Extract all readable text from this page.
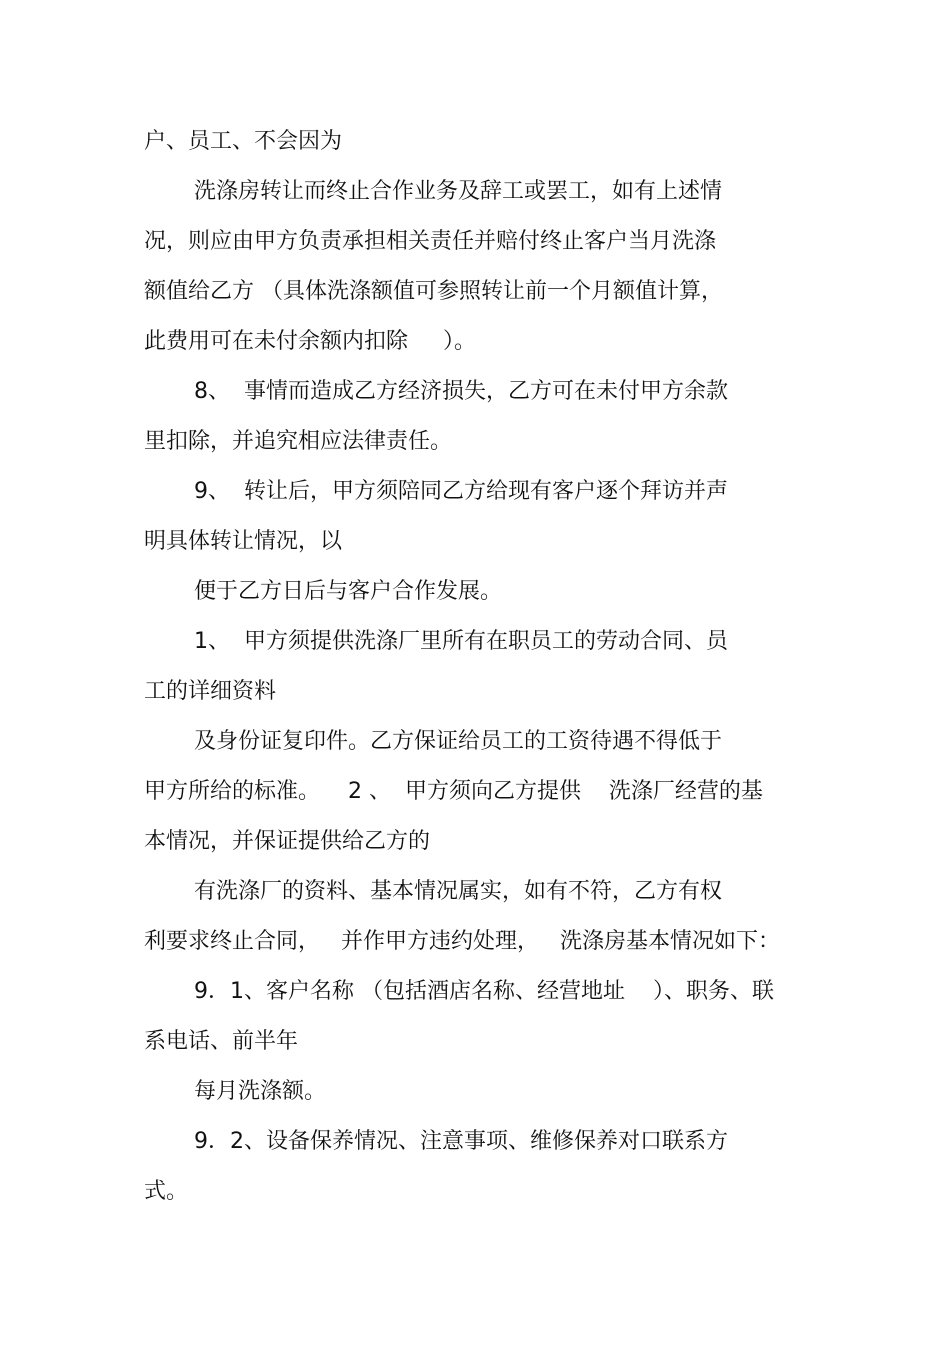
户、员工、不会因为
洗涤房转让而终止合作业务及辞工或罢工，如有上述情
况，则应由甲方负责承担相关责任并赔付终止客户当月洗涤
额值给乙方 （具体洗涤额值可参照转让前一个月额值计算，
此费用可在未付余额内扣除     ）。
8、  事情而造成乙方经济损失，乙方可在未付甲方余款
里扣除，并追究相应法律责任。
9、  转让后，甲方须陪同乙方给现有客户逐个拜访并声
明具体转让情况，以
便于乙方日后与客户合作发展。
1、  甲方须提供洗涤厂里所有在职员工的劳动合同、员
工的详细资料
及身份证复印件。乙方保证给员工的工资待遇不得低于
甲方所给的标准。    2 、  甲方须向乙方提供    洗涤厂经营的基
本情况，并保证提供给乙方的
有洗涤厂的资料、基本情况属实，如有不符，乙方有权
利要求终止合同，   并作甲方违约处理，   洗涤房基本情况如下：
9．1、客户名称 （包括酒店名称、经营地址    ）、职务、联
系电话、前半年
每月洗涤额。
9．2、设备保养情况、注意事项、维修保养对口联系方
式。
